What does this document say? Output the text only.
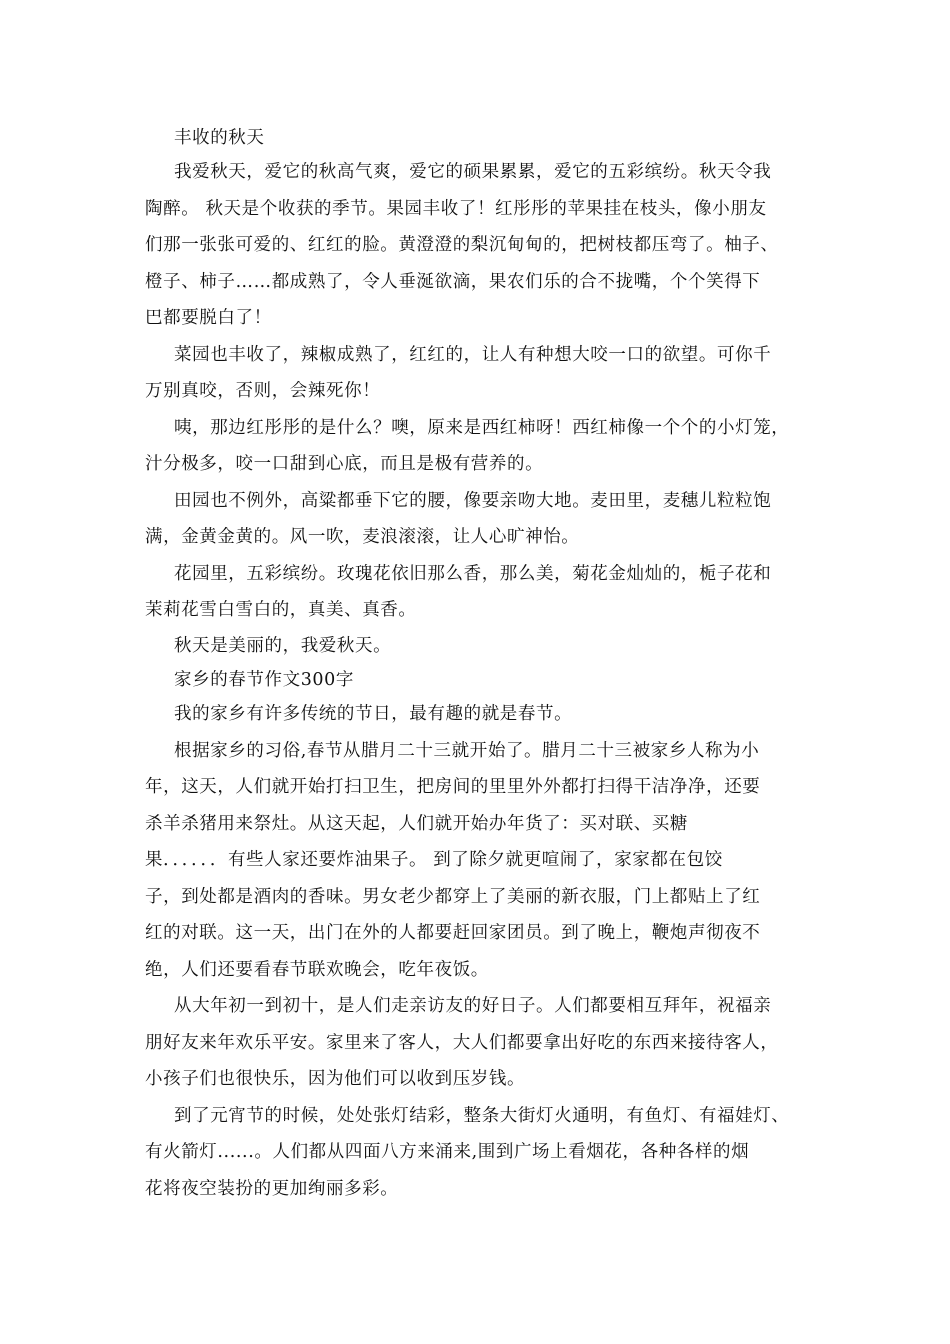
丰收的秋天
我爱秋天，爱它的秋高气爽，爱它的硕果累累，爱它的五彩缤纷。秋天令我
陶醉。 秋天是个收获的季节。果园丰收了！红彤彤的苹果挂在枝头，像小朋友
们那一张张可爱的、红红的脸。黄澄澄的梨沉甸甸的，把树枝都压弯了。柚子、
橙子、柿子……都成熟了，令人垂涎欲滴，果农们乐的合不拢嘴，个个笑得下
巴都要脱白了！
菜园也丰收了，辣椒成熟了，红红的，让人有种想大咬一口的欲望。可你千
万别真咬，否则，会辣死你！
咦，那边红彤彤的是什么？噢，原来是西红柿呀！西红柿像一个个的小灯笼，
汁分极多，咬一口甜到心底，而且是极有营养的。
田园也不例外，高粱都垂下它的腰，像要亲吻大地。麦田里，麦穗儿粒粒饱
满，金黄金黄的。风一吹，麦浪滚滚，让人心旷神怡。
花园里，五彩缤纷。玫瑰花依旧那么香，那么美，菊花金灿灿的，栀子花和
茉莉花雪白雪白的，真美、真香。
秋天是美丽的，我爱秋天。
家乡的春节作文300字
我的家乡有许多传统的节日，最有趣的就是春节。
根据家乡的习俗,春节从腊月二十三就开始了。腊月二十三被家乡人称为小
年，这天，人们就开始打扫卫生，把房间的里里外外都打扫得干洁净净，还要
杀羊杀猪用来祭灶。从这天起，人们就开始办年货了：买对联、买糖
果．．．．．．有些人家还要炸油果子。 到了除夕就更喧闹了，家家都在包饺
子，到处都是酒肉的香味。男女老少都穿上了美丽的新衣服，门上都贴上了红
红的对联。这一天，出门在外的人都要赶回家团员。到了晚上，鞭炮声彻夜不
绝，人们还要看春节联欢晚会，吃年夜饭。
从大年初一到初十，是人们走亲访友的好日子。人们都要相互拜年，祝福亲
朋好友来年欢乐平安。家里来了客人，大人们都要拿出好吃的东西来接待客人，
小孩子们也很快乐，因为他们可以收到压岁钱。
到了元宵节的时候，处处张灯结彩，整条大街灯火通明，有鱼灯、有福娃灯、
有火箭灯......。人们都从四面八方来涌来,围到广场上看烟花，各种各样的烟
花将夜空装扮的更加绚丽多彩。
